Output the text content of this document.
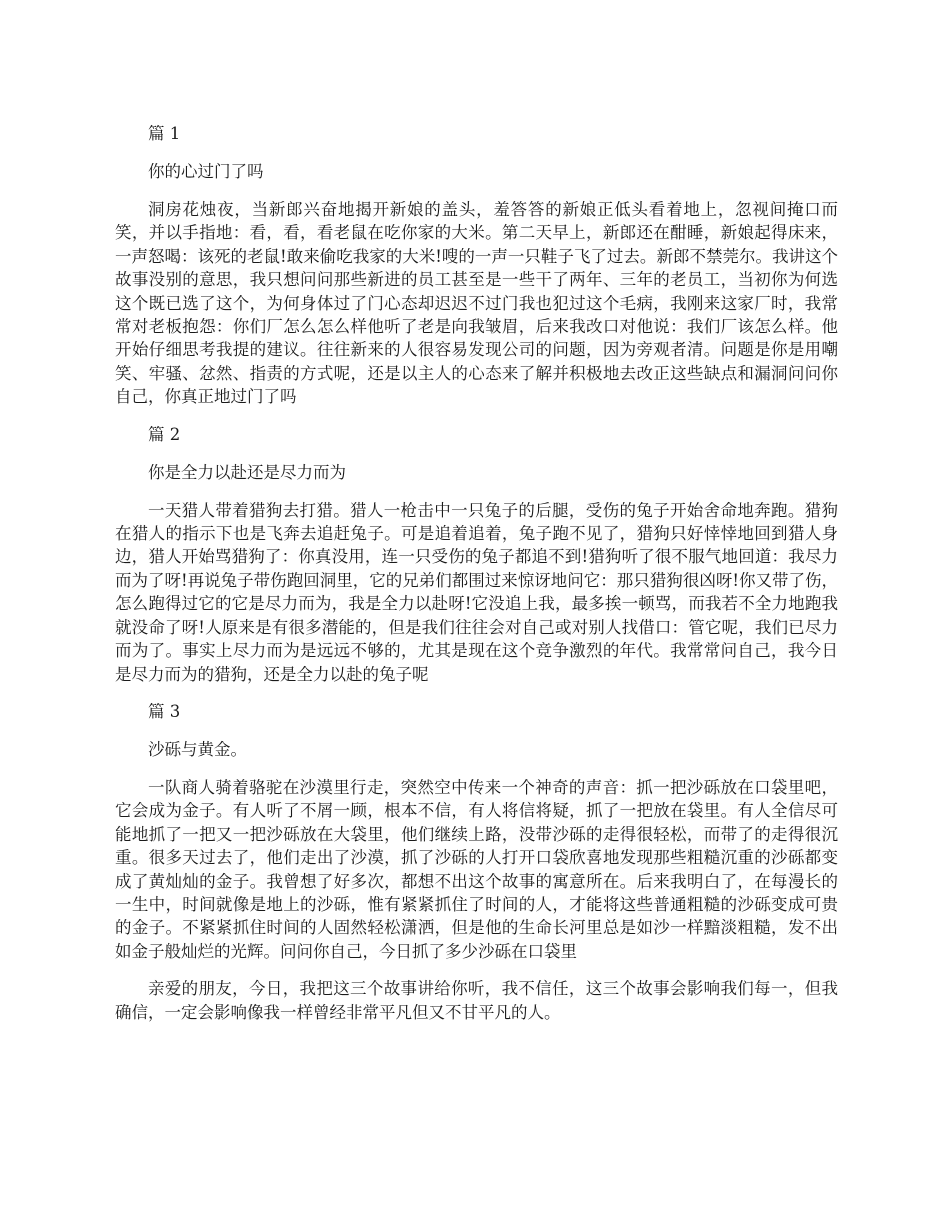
篇 1

你的心过门了吗

洞房花烛夜，当新郎兴奋地揭开新娘的盖头，羞答答的新娘正低头看着地上，忽视间掩口而笑，并以手指地：看，看，看老鼠在吃你家的大米。第二天早上，新郎还在酣睡，新娘起得床来，一声怒喝：该死的老鼠!敢来偷吃我家的大米!嗖的一声一只鞋子飞了过去。新郎不禁莞尔。我讲这个故事没别的意思，我只想问问那些新进的员工甚至是一些干了两年、三年的老员工，当初你为何选这个既已选了这个，为何身体过了门心态却迟迟不过门我也犯过这个毛病，我刚来这家厂时，我常常对老板抱怨：你们厂怎么怎么样他听了老是向我皱眉，后来我改口对他说：我们厂该怎么样。他开始仔细思考我提的建议。往往新来的人很容易发现公司的问题，因为旁观者清。问题是你是用嘲笑、牢骚、忿然、指责的方式呢，还是以主人的心态来了解并积极地去改正这些缺点和漏洞问问你自己，你真正地过门了吗

篇 2

你是全力以赴还是尽力而为

一天猎人带着猎狗去打猎。猎人一枪击中一只兔子的后腿，受伤的兔子开始舍命地奔跑。猎狗在猎人的指示下也是飞奔去追赶兔子。可是追着追着，兔子跑不见了，猎狗只好悻悻地回到猎人身边，猎人开始骂猎狗了：你真没用，连一只受伤的兔子都追不到!猎狗听了很不服气地回道：我尽力而为了呀!再说兔子带伤跑回洞里，它的兄弟们都围过来惊讶地问它：那只猎狗很凶呀!你又带了伤，怎么跑得过它的它是尽力而为，我是全力以赴呀!它没追上我，最多挨一顿骂，而我若不全力地跑我就没命了呀!人原来是有很多潜能的，但是我们往往会对自己或对别人找借口：管它呢，我们已尽力而为了。事实上尽力而为是远远不够的，尤其是现在这个竞争激烈的年代。我常常问自己，我今日是尽力而为的猎狗，还是全力以赴的兔子呢

篇 3

沙砾与黄金。

一队商人骑着骆驼在沙漠里行走，突然空中传来一个神奇的声音：抓一把沙砾放在口袋里吧，它会成为金子。有人听了不屑一顾，根本不信，有人将信将疑，抓了一把放在袋里。有人全信尽可能地抓了一把又一把沙砾放在大袋里，他们继续上路，没带沙砾的走得很轻松，而带了的走得很沉重。很多天过去了，他们走出了沙漠，抓了沙砾的人打开口袋欣喜地发现那些粗糙沉重的沙砾都变成了黄灿灿的金子。我曾想了好多次，都想不出这个故事的寓意所在。后来我明白了，在每漫长的一生中，时间就像是地上的沙砾，惟有紧紧抓住了时间的人，才能将这些普通粗糙的沙砾变成可贵的金子。不紧紧抓住时间的人固然轻松潇洒，但是他的生命长河里总是如沙一样黯淡粗糙，发不出如金子般灿烂的光辉。问问你自己，今日抓了多少沙砾在口袋里

亲爱的朋友，今日，我把这三个故事讲给你听，我不信任，这三个故事会影响我们每一，但我确信，一定会影响像我一样曾经非常平凡但又不甘平凡的人。
